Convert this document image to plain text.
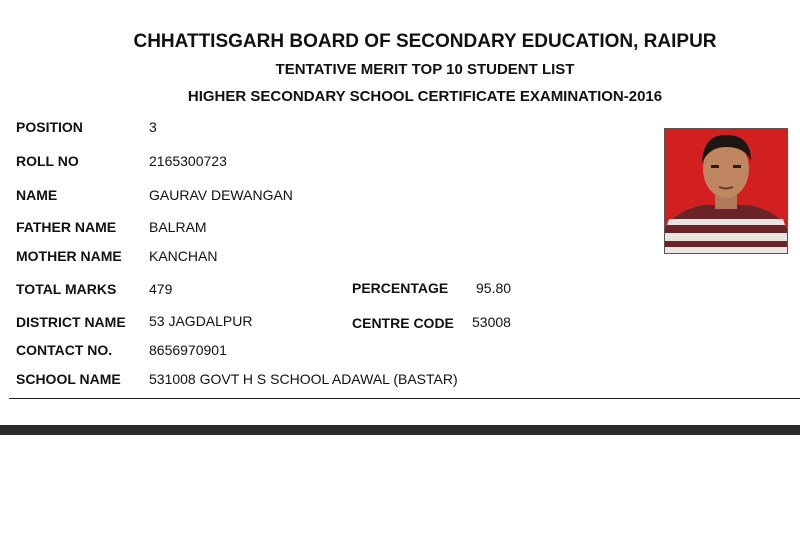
CHHATTISGARH BOARD OF SECONDARY EDUCATION, RAIPUR
TENTATIVE MERIT TOP 10 STUDENT LIST
HIGHER SECONDARY SCHOOL CERTIFICATE EXAMINATION-2016
POSITION	3
ROLL NO	2165300723
NAME	GAURAV DEWANGAN
FATHER NAME BALRAM
MOTHER NAME KANCHAN
TOTAL MARKS 479	PERCENTAGE 95.80
DISTRICT NAME 53 JAGDALPUR	CENTRE CODE 53008
CONTACT NO.	8656970901
SCHOOL NAME 531008 GOVT H S SCHOOL ADAWAL (BASTAR)
